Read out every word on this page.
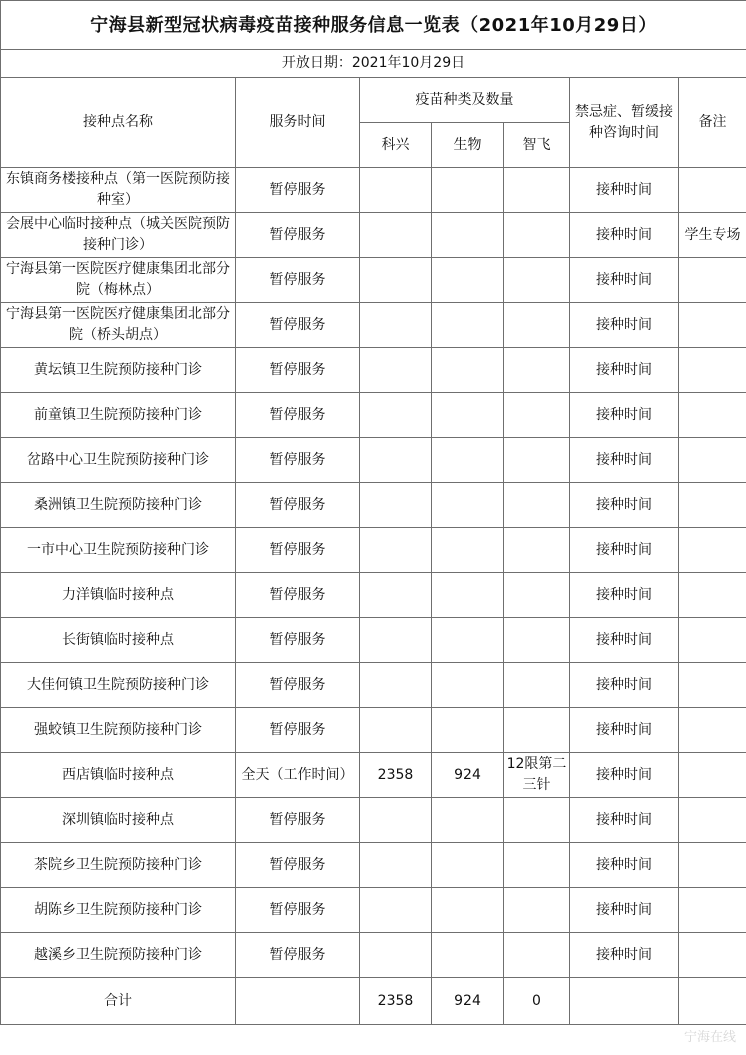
宁海县新型冠状病毒疫苗接种服务信息一览表（2021年10月29日）						
开放日期：2021年10月29日						
接种点名称	服务时间	疫苗种类及数量			禁忌症、暂缓接种咨询时间	备注
		科兴	生物	智飞		
东镇商务楼接种点（第一医院预防接种室）	暂停服务				接种时间	
会展中心临时接种点（城关医院预防接种门诊）	暂停服务				接种时间	学生专场
宁海县第一医院医疗健康集团北部分院（梅林点）	暂停服务				接种时间	
宁海县第一医院医疗健康集团北部分院（桥头胡点）	暂停服务				接种时间	
黄坛镇卫生院预防接种门诊	暂停服务				接种时间	
前童镇卫生院预防接种门诊	暂停服务				接种时间	
岔路中心卫生院预防接种门诊	暂停服务				接种时间	
桑洲镇卫生院预防接种门诊	暂停服务				接种时间	
一市中心卫生院预防接种门诊	暂停服务				接种时间	
力洋镇临时接种点	暂停服务				接种时间	
长街镇临时接种点	暂停服务				接种时间	
大佳何镇卫生院预防接种门诊	暂停服务				接种时间	
强蛟镇卫生院预防接种门诊	暂停服务				接种时间	
西店镇临时接种点	全天（工作时间）	2358	924	12限第二三针	接种时间	
深圳镇临时接种点	暂停服务				接种时间	
茶院乡卫生院预防接种门诊	暂停服务				接种时间	
胡陈乡卫生院预防接种门诊	暂停服务				接种时间	
越溪乡卫生院预防接种门诊	暂停服务				接种时间	
合计		2358	924	0		
宁海在线
